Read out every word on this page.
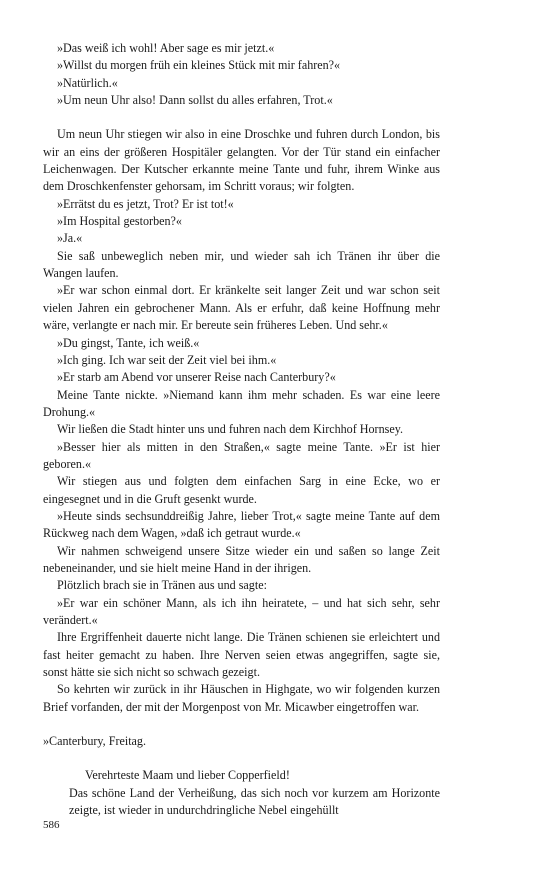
»Das weiß ich wohl! Aber sage es mir jetzt.«

»Willst du morgen früh ein kleines Stück mit mir fahren?«

»Natürlich.«

»Um neun Uhr also! Dann sollst du alles erfahren, Trot.«

Um neun Uhr stiegen wir also in eine Droschke und fuhren durch London, bis wir an eins der größeren Hospitäler gelangten. Vor der Tür stand ein einfacher Leichenwagen. Der Kutscher erkannte meine Tante und fuhr, ihrem Winke aus dem Droschkenfenster gehorsam, im Schritt voraus; wir folgten.

»Errätst du es jetzt, Trot? Er ist tot!«

»Im Hospital gestorben?«

»Ja.«

Sie saß unbeweglich neben mir, und wieder sah ich Tränen ihr über die Wangen laufen.

»Er war schon einmal dort. Er kränkelte seit langer Zeit und war schon seit vielen Jahren ein gebrochener Mann. Als er erfuhr, daß keine Hoffnung mehr wäre, verlangte er nach mir. Er bereute sein früheres Leben. Und sehr.«

»Du gingst, Tante, ich weiß.«

»Ich ging. Ich war seit der Zeit viel bei ihm.«

»Er starb am Abend vor unserer Reise nach Canterbury?«

Meine Tante nickte. »Niemand kann ihm mehr schaden. Es war eine leere Drohung.«

Wir ließen die Stadt hinter uns und fuhren nach dem Kirchhof Hornsey.

»Besser hier als mitten in den Straßen,« sagte meine Tante. »Er ist hier geboren.«

Wir stiegen aus und folgten dem einfachen Sarg in eine Ecke, wo er eingesegnet und in die Gruft gesenkt wurde.

»Heute sinds sechsunddreißig Jahre, lieber Trot,« sagte meine Tante auf dem Rückweg nach dem Wagen, »daß ich getraut wurde.«

Wir nahmen schweigend unsere Sitze wieder ein und saßen so lange Zeit nebeneinander, und sie hielt meine Hand in der ihrigen.

Plötzlich brach sie in Tränen aus und sagte:

»Er war ein schöner Mann, als ich ihn heiratete, – und hat sich sehr, sehr verändert.«

Ihre Ergriffenheit dauerte nicht lange. Die Tränen schienen sie erleichtert und fast heiter gemacht zu haben. Ihre Nerven seien etwas angegriffen, sagte sie, sonst hätte sie sich nicht so schwach gezeigt.

So kehrten wir zurück in ihr Häuschen in Highgate, wo wir folgenden kurzen Brief vorfanden, der mit der Morgenpost von Mr. Micawber eingetroffen war.

»Canterbury, Freitag.

Verehrteste Maam und lieber Copperfield!

Das schöne Land der Verheißung, das sich noch vor kurzem am Horizonte zeigte, ist wieder in undurchdringliche Nebel eingehüllt

586
